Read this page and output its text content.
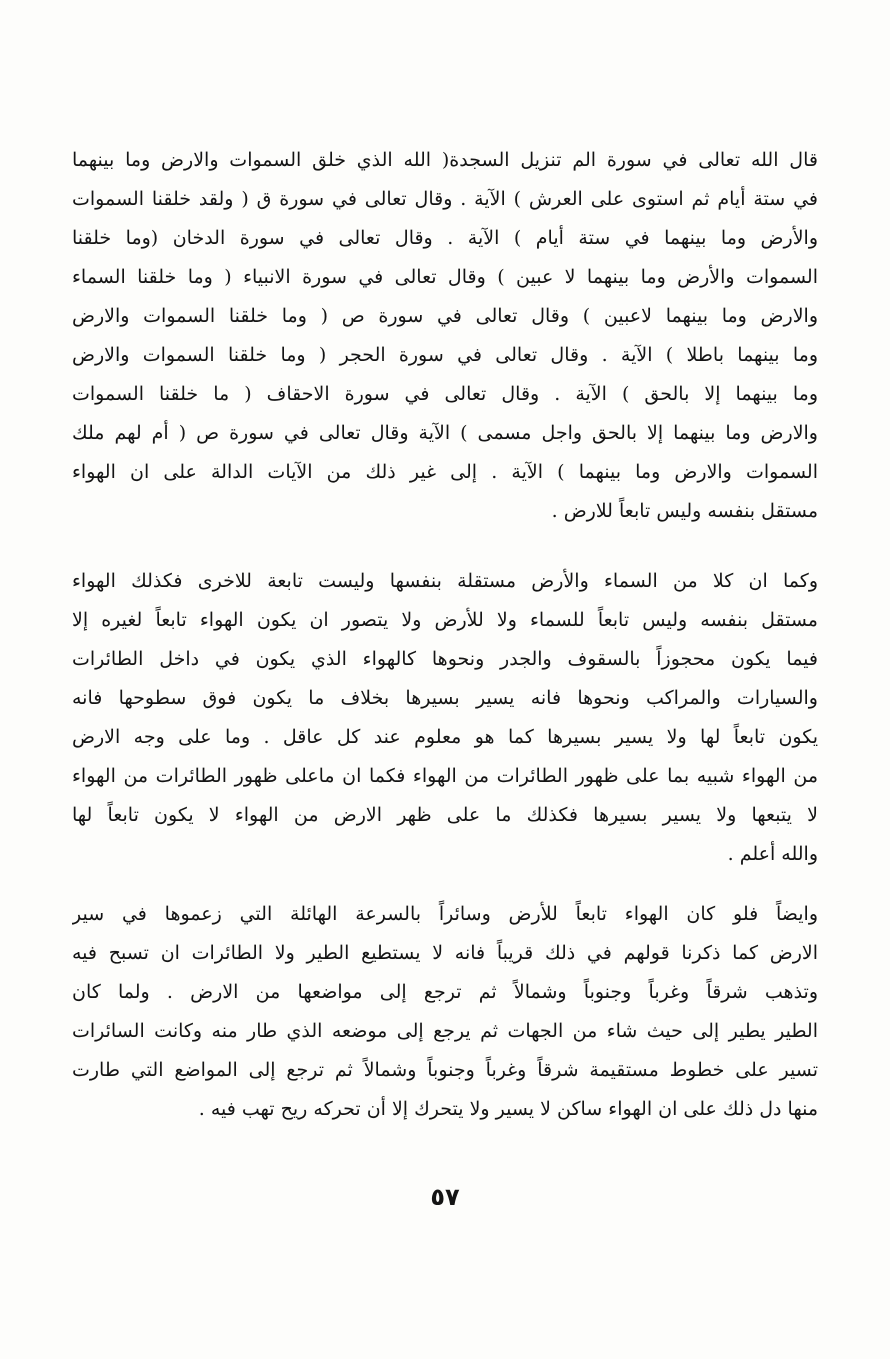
قال الله تعالى في سورة الم تنزيل السجدة( الله الذي خلق السموات والارض وما بينهما
في ستة أيام ثم استوى على العرش ) الآية . وقال تعالى في سورة ق ( ولقد خلقنا السموات
والأرض وما بينهما في ستة أيام ) الآية . وقال تعالى في سورة الدخان (وما خلقنا
السموات والأرض وما بينهما لا عبين ) وقال تعالى في سورة الانبياء ( وما خلقنا السماء
والارض وما بينهما لاعبين ) وقال تعالى في سورة ص ( وما خلقنا السموات والارض
وما بينهما باطلا ) الآية . وقال تعالى في سورة الحجر ( وما خلقنا السموات والارض
وما بينهما إلا بالحق ) الآية . وقال تعالى في سورة الاحقاف ( ما خلقنا السموات
والارض وما بينهما إلا بالحق واجل مسمى ) الآية وقال تعالى في سورة ص ( أم لهم ملك
السموات والارض وما بينهما ) الآية . إلى غير ذلك من الآيات الدالة على ان الهواء
مستقل بنفسه وليس تابعاً للارض .
وكما ان كلا من السماء والأرض مستقلة بنفسها وليست تابعة للاخرى فكذلك الهواء
مستقل بنفسه وليس تابعاً للسماء ولا للأرض ولا يتصور ان يكون الهواء تابعاً لغيره إلا
فيما يكون محجوزاً بالسقوف والجدر ونحوها كالهواء الذي يكون في داخل الطائرات
والسيارات والمراكب ونحوها فانه يسير بسيرها بخلاف ما يكون فوق سطوحها فانه
يكون تابعاً لها ولا يسير بسيرها كما هو معلوم عند كل عاقل . وما على وجه الارض
من الهواء شبيه بما على ظهور الطائرات من الهواء فكما ان ماعلى ظهور الطائرات من الهواء
لا يتبعها ولا يسير بسيرها فكذلك ما على ظهر الارض من الهواء لا يكون تابعاً لها
والله أعلم .
وايضاً فلو كان الهواء تابعاً للأرض وسائراً بالسرعة الهائلة التي زعموها في سير
الارض كما ذكرنا قولهم في ذلك قريباً فانه لا يستطيع الطير ولا الطائرات ان تسبح فيه
وتذهب شرقاً وغرباً وجنوباً وشمالاً ثم ترجع إلى مواضعها من الارض . ولما كان
الطير يطير إلى حيث شاء من الجهات ثم يرجع إلى موضعه الذي طار منه وكانت السائرات
تسير على خطوط مستقيمة شرقاً وغرباً وجنوباً وشمالاً ثم ترجع إلى المواضع التي طارت
منها دل ذلك على ان الهواء ساكن لا يسير ولا يتحرك إلا أن تحركه ريح تهب فيه .
٥٧
